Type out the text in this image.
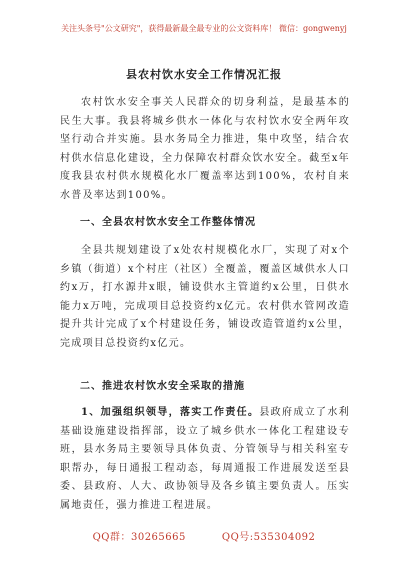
关注头条号"公文研究"，获得最新最全最专业的公文资料库！ 微信：gongwenyj
县农村饮水安全工作情况汇报
农村饮水安全事关人民群众的切身利益，是最基本的民生大事。我县将城乡供水一体化与农村饮水安全两年攻坚行动合并实施。县水务局全力推进，集中攻坚，结合农村供水信息化建设，全力保障农村群众饮水安全。截至x年度我县农村供水规模化水厂覆盖率达到100%，农村自来水普及率达到100%。
一、全县农村饮水安全工作整体情况
全县共规划建设了x处农村规模化水厂，实现了对x个乡镇（街道）x个村庄（社区）全覆盖，覆盖区域供水人口约x万，打水源井x眼，铺设供水主管道约x公里，日供水能力x万吨，完成项目总投资约x亿元。农村供水管网改造提升共计完成了x个村建设任务，铺设改造管道约x公里，完成项目总投资约x亿元。
二、推进农村饮水安全采取的措施
1、加强组织领导，落实工作责任。县政府成立了水利基础设施建设指挥部，设立了城乡供水一体化工程建设专班，县水务局主要领导具体负责、分管领导与相关科室专职帮办，每日通报工程动态，每周通报工作进展发送至县委、县政府、人大、政协领导及各乡镇主要负责人。压实属地责任，强力推进工程进展。
QQ群：30265665	QQ号:535304092
